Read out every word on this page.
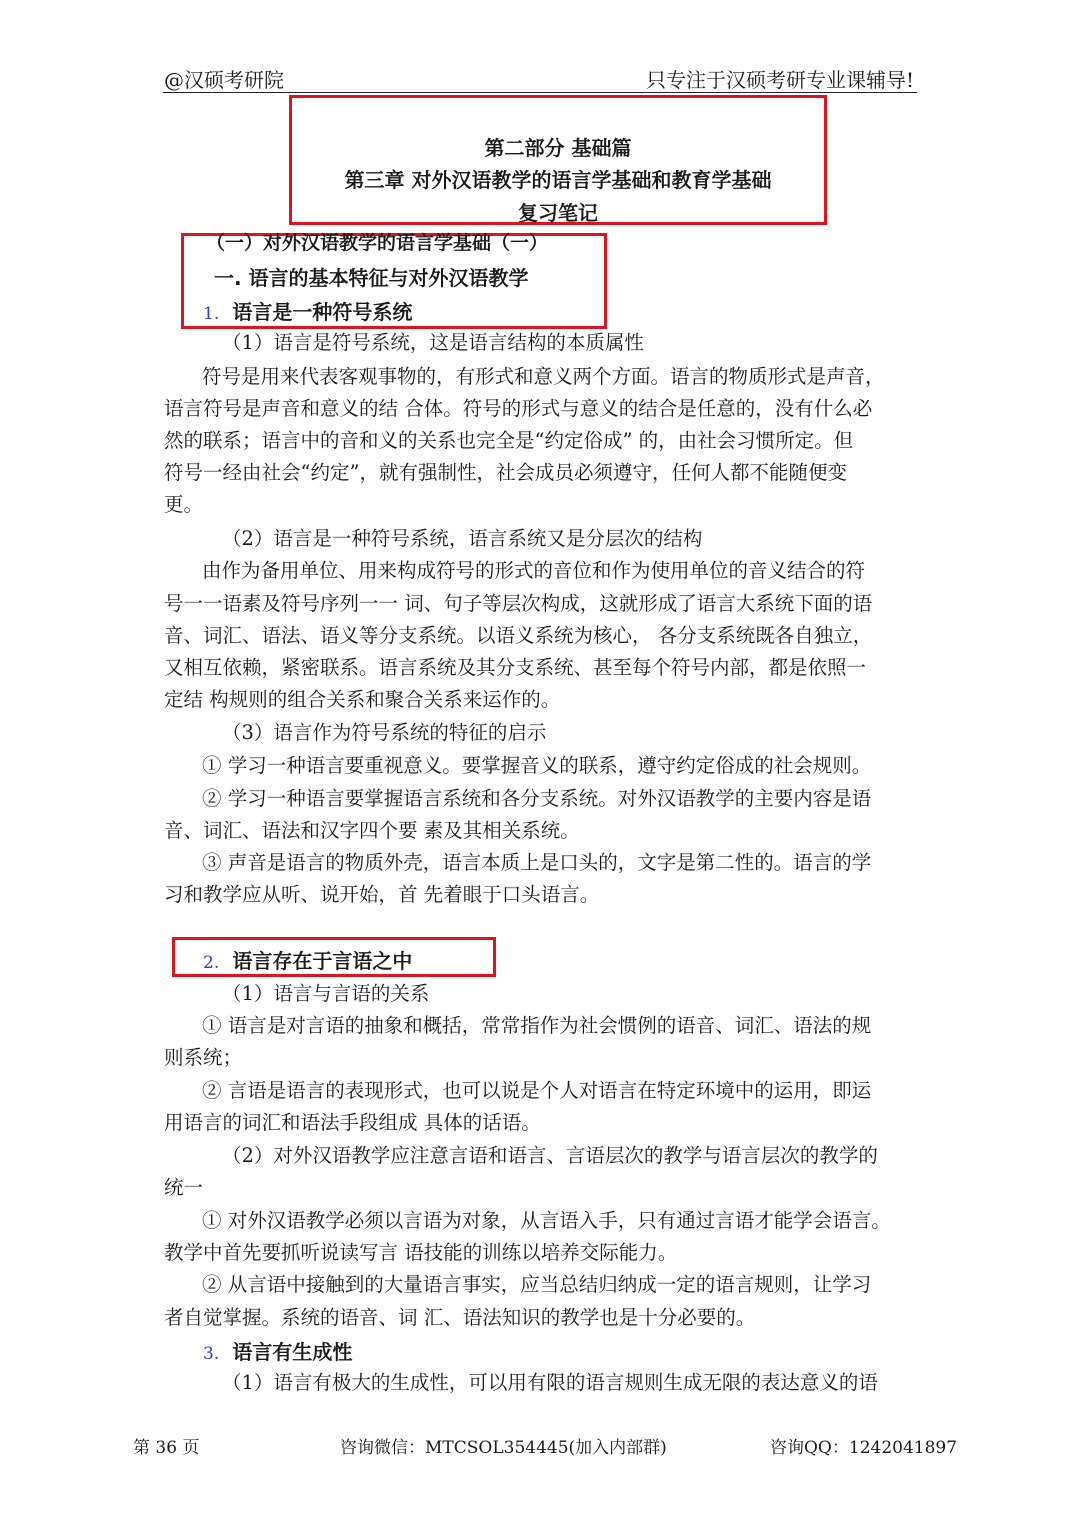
@汉硕考研院	只专注于汉硕考研专业课辅导!
第二部分 基础篇
第三章 对外汉语教学的语言学基础和教育学基础
复习笔记
（一）对外汉语教学的语言学基础（一）
一. 语言的基本特征与对外汉语教学
1. 语言是一种符号系统
（1）语言是符号系统，这是语言结构的本质属性
符号是用来代表客观事物的，有形式和意义两个方面。语言的物质形式是声音，
语言符号是声音和意义的结 合体。符号的形式与意义的结合是任意的，没有什么必
然的联系；语言中的音和义的关系也完全是“约定俗成” 的，由社会习惯所定。但
符号一经由社会“约定”，就有强制性，社会成员必须遵守，任何人都不能随便变
更。
（2）语言是一种符号系统，语言系统又是分层次的结构
由作为备用单位、用来构成符号的形式的音位和作为使用单位的音义结合的符
号一一语素及符号序列一一 词、句子等层次构成，这就形成了语言大系统下面的语
音、词汇、语法、语义等分支系统。以语义系统为核心， 各分支系统既各自独立，
又相互依赖，紧密联系。语言系统及其分支系统、甚至每个符号内部，都是依照一
定结 构规则的组合关系和聚合关系来运作的。
（3）语言作为符号系统的特征的启示
① 学习一种语言要重视意义。要掌握音义的联系，遵守约定俗成的社会规则。
② 学习一种语言要掌握语言系统和各分支系统。对外汉语教学的主要内容是语
音、词汇、语法和汉字四个要 素及其相关系统。
③ 声音是语言的物质外壳，语言本质上是口头的，文字是第二性的。语言的学
习和教学应从听、说开始，首 先着眼于口头语言。
2. 语言存在于言语之中
（1）语言与言语的关系
① 语言是对言语的抽象和概括，常常指作为社会惯例的语音、词汇、语法的规
则系统；
② 言语是语言的表现形式，也可以说是个人对语言在特定环境中的运用，即运
用语言的词汇和语法手段组成 具体的话语。
（2）对外汉语教学应注意言语和语言、言语层次的教学与语言层次的教学的
统一
① 对外汉语教学必须以言语为对象，从言语入手，只有通过言语才能学会语言。
教学中首先要抓听说读写言 语技能的训练以培养交际能力。
② 从言语中接触到的大量语言事实，应当总结归纳成一定的语言规则，让学习
者自觉掌握。系统的语音、词 汇、语法知识的教学也是十分必要的。
3. 语言有生成性
（1）语言有极大的生成性，可以用有限的语言规则生成无限的表达意义的语
第 36 页	咨询微信：MTCSOL354445(加入内部群)	咨询QQ：1242041897
